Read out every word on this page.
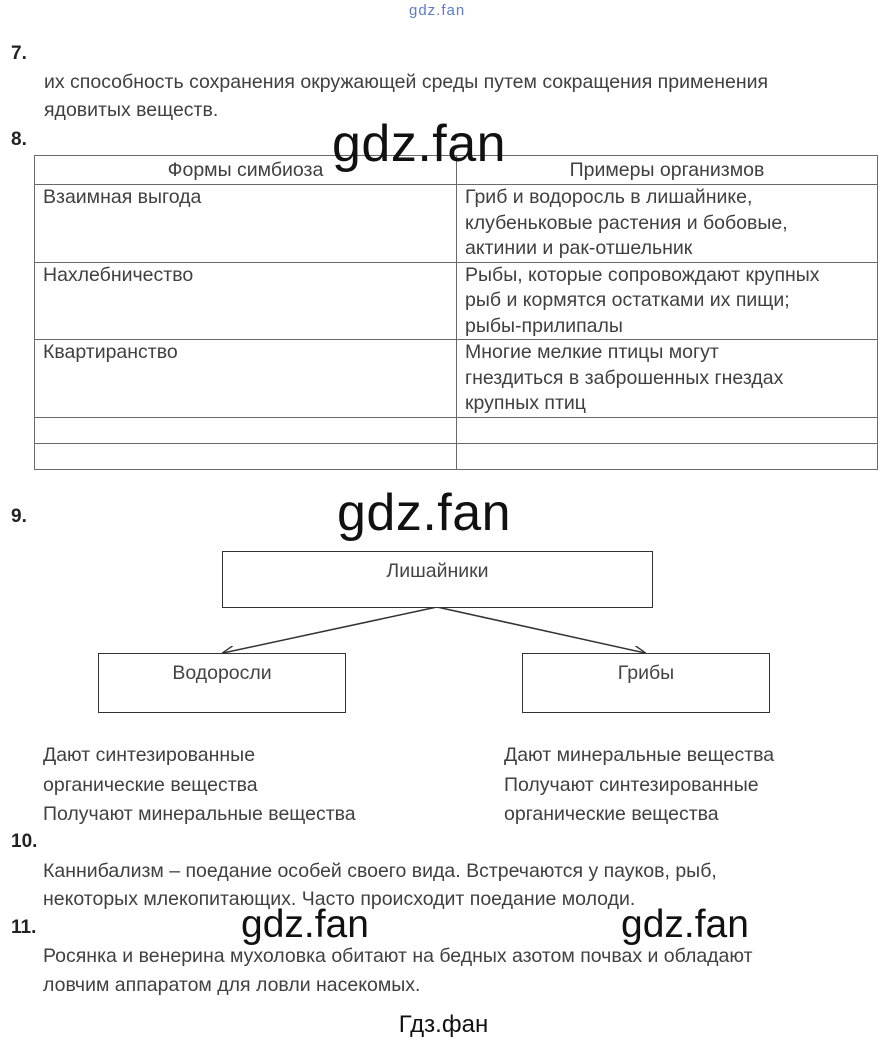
gdz.fan
7.
их способность сохранения окружающей среды путем сокращения применения
ядовитых веществ.
8.
Формы симбиоза	Примеры организмов
Взаимная выгода	Гриб и водоросль в лишайнике,
клубеньковые растения и бобовые,
актинии и рак-отшельник

Нахлебничество	Рыбы, которые сопровождают крупных
рыб и кормятся остатками их пищи;
рыбы-прилипалы

Квартиранство	Многие мелкие птицы могут
гнездиться в заброшенных гнездах
крупных птиц

gdz.fan
9.	gdz.fan
Лишайники
Водоросли	Грибы
Дают синтезированные
органические вещества
Получают минеральные вещества
Дают минеральные вещества
Получают синтезированные
органические вещества
10.
Каннибализм – поедание особей своего вида. Встречаются у пауков, рыб,
некоторых млекопитающих. Часто происходит поедание молоди.
11.	gdz.fan	gdz.fan
Росянка и венерина мухоловка обитают на бедных азотом почвах и обладают
ловчим аппаратом для ловли насекомых.
Гдз.фан
